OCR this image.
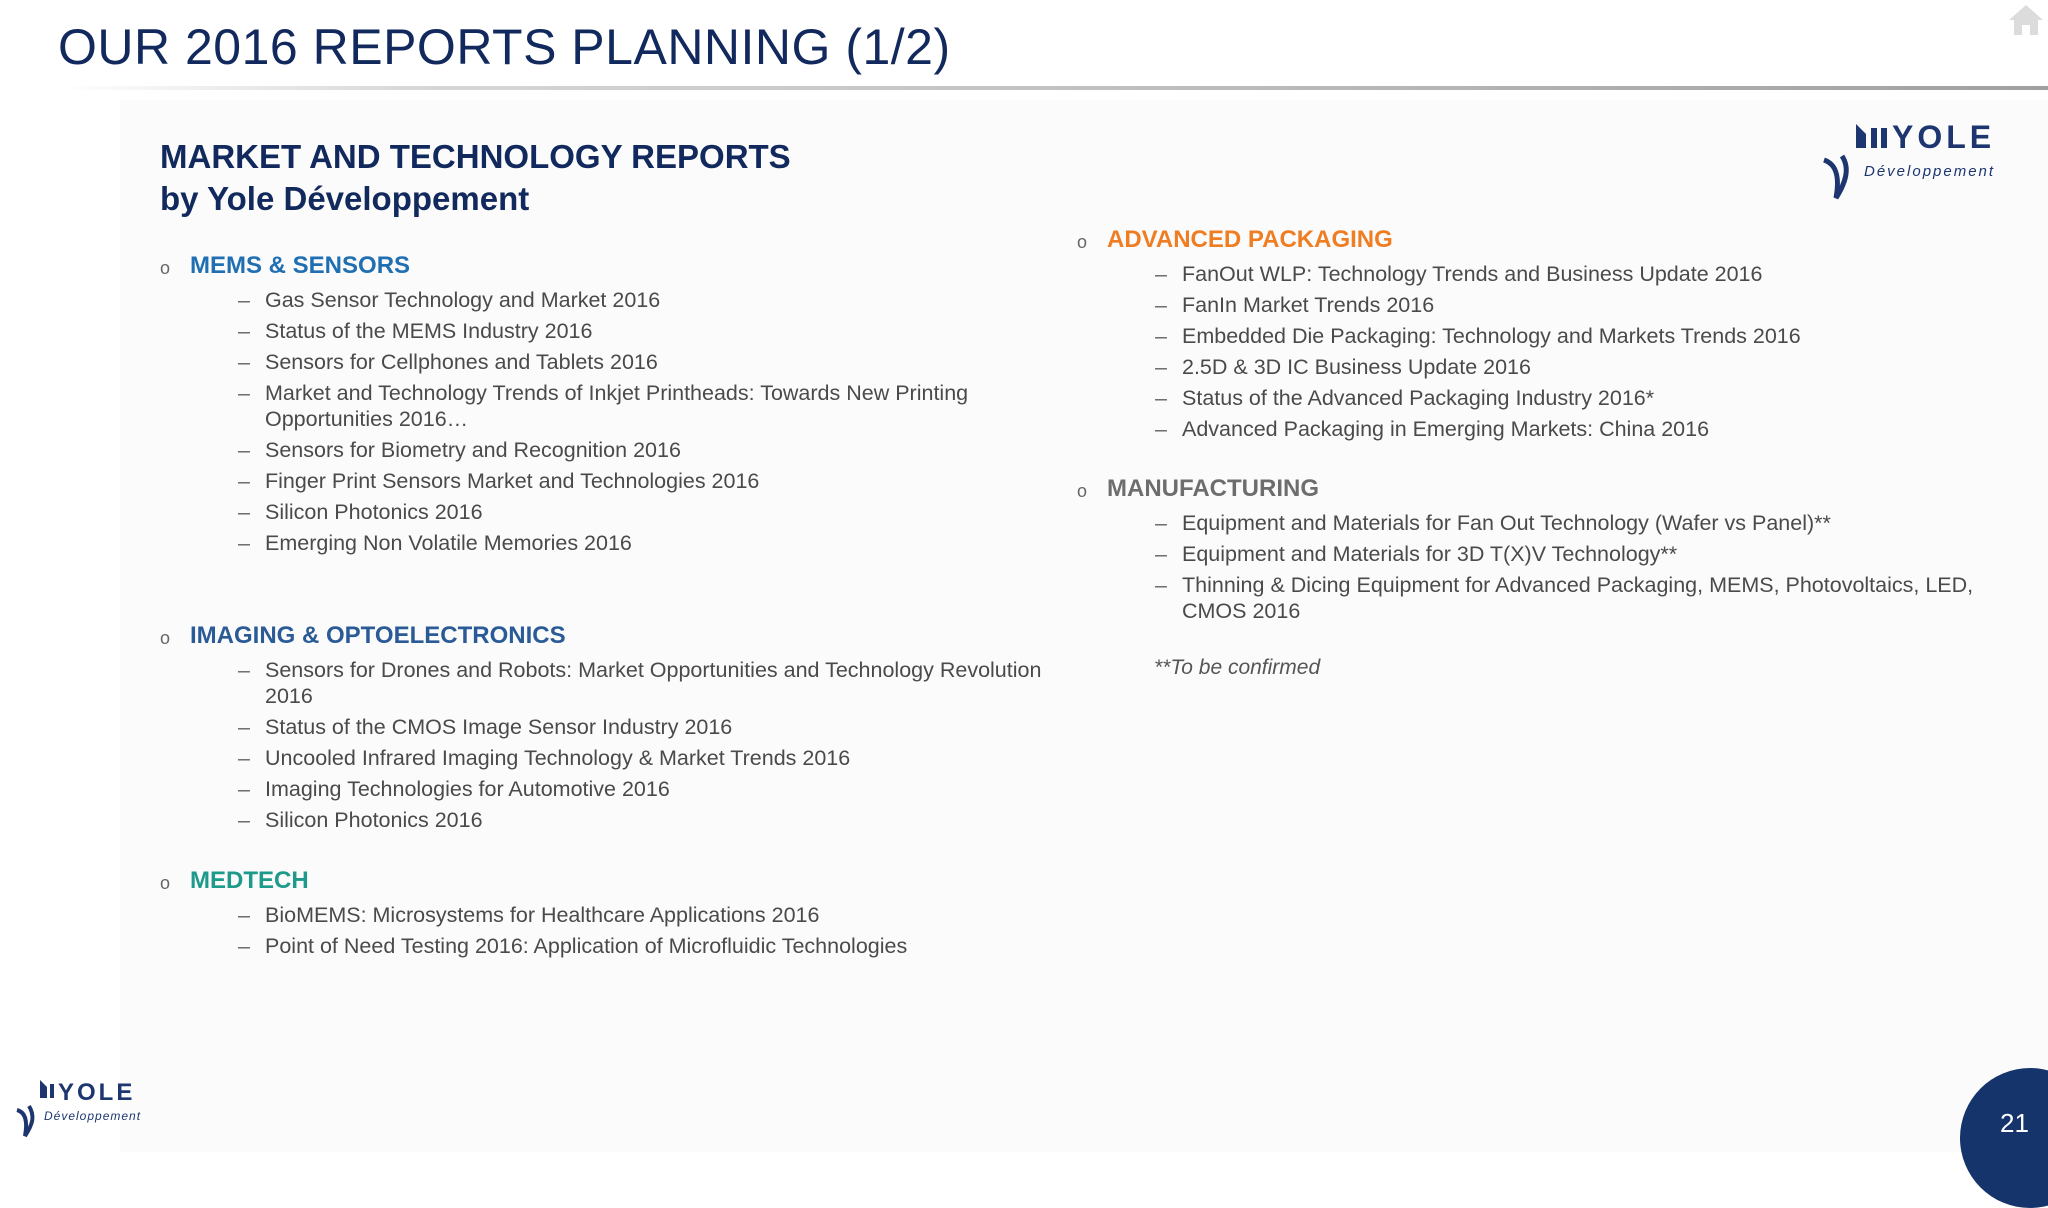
OUR 2016 REPORTS PLANNING (1/2)
MARKET AND TECHNOLOGY REPORTS
by Yole Développement
YOLE
Développement
YOLE
Développement
o MEMS & SENSORS
– Gas Sensor Technology and Market 2016
– Status of the MEMS Industry 2016
– Sensors for Cellphones and Tablets 2016
– Market and Technology Trends of Inkjet Printheads: Towards New Printing
Opportunities 2016…
– Sensors for Biometry and Recognition 2016
– Finger Print Sensors Market and Technologies 2016
– Silicon Photonics 2016
– Emerging Non Volatile Memories 2016
o IMAGING & OPTOELECTRONICS
– Sensors for Drones and Robots: Market Opportunities and Technology Revolution
2016
– Status of the CMOS Image Sensor Industry 2016
– Uncooled Infrared Imaging Technology & Market Trends 2016
– Imaging Technologies for Automotive 2016
– Silicon Photonics 2016
o MEDTECH
– BioMEMS: Microsystems for Healthcare Applications 2016
– Point of Need Testing 2016: Application of Microfluidic Technologies
o ADVANCED PACKAGING
– FanOut WLP: Technology Trends and Business Update 2016
– FanIn Market Trends 2016
– Embedded Die Packaging: Technology and Markets Trends 2016
– 2.5D & 3D IC Business Update 2016
– Status of the Advanced Packaging Industry 2016*
– Advanced Packaging in Emerging Markets: China 2016
o MANUFACTURING
– Equipment and Materials for Fan Out Technology (Wafer vs Panel)**
– Equipment and Materials for 3D T(X)V Technology**
– Thinning & Dicing Equipment for Advanced Packaging, MEMS, Photovoltaics, LED,
CMOS 2016
**To be confirmed
21
